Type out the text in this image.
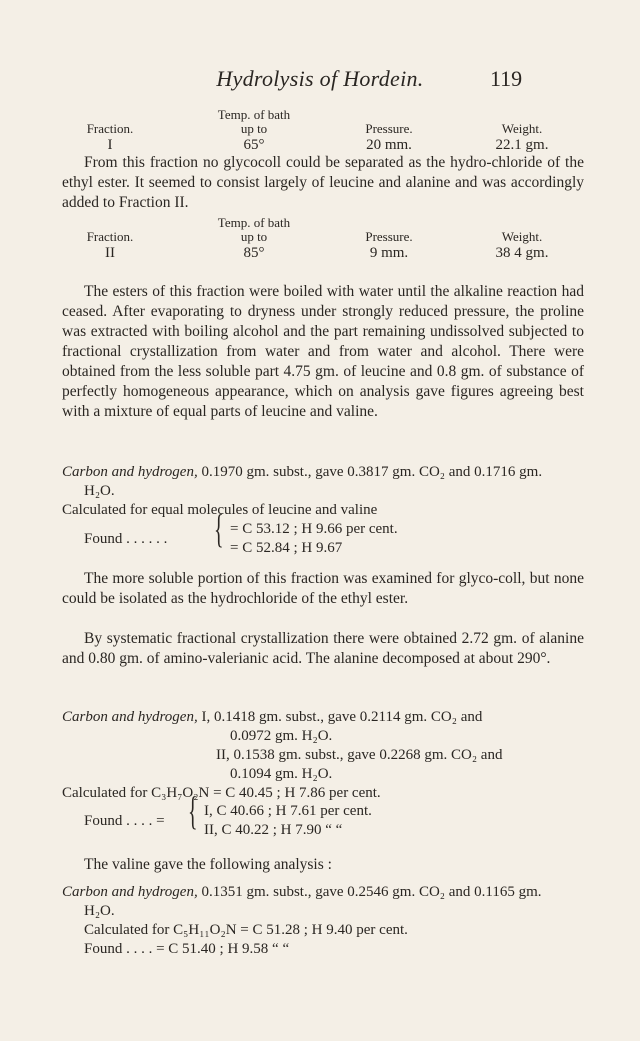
Hydrolysis of Hordein.	119
Temp. of bath
Fraction.
I
up to
65°
Pressure.
20 mm.
Weight.
22.1 gm.

From this fraction no glycocoll could be separated as the hydro-chloride of the ethyl ester. It seemed to consist largely of leucine and alanine and was accordingly added to Fraction II.

Temp. of bath
Fraction.
II
up to
85°
Pressure.
9 mm.
Weight.
38 4 gm.

The esters of this fraction were boiled with water until the alkaline reaction had ceased. After evaporating to dryness under strongly reduced pressure, the proline was extracted with boiling alcohol and the part remaining undissolved subjected to fractional crystallization from water and from water and alcohol. There were obtained from the less soluble part 4.75 gm. of leucine and 0.8 gm. of substance of perfectly homogeneous appearance, which on analysis gave figures agreeing best with a mixture of equal parts of leucine and valine.

Carbon and hydrogen, 0.1970 gm. subst., gave 0.3817 gm. CO₂ and 0.1716 gm.
H₂O.
Calculated for equal molecules of leucine and valine
Found . . . . . . { = C 53.12 ; H 9.66 per cent.
= C 52.84 ; H 9.67

The more soluble portion of this fraction was examined for glyco-coll, but none could be isolated as the hydrochloride of the ethyl ester.

By systematic fractional crystallization there were obtained 2.72 gm. of alanine and 0.80 gm. of amino-valerianic acid. The alanine decomposed at about 290°.

Carbon and hydrogen, I, 0.1418 gm. subst., gave 0.2114 gm. CO₂ and
0.0972 gm. H₂O.
II, 0.1538 gm. subst., gave 0.2268 gm. CO₂ and
0.1094 gm. H₂O.
Calculated for C₃H₇O₂N = C 40.45 ; H 7.86 per cent.
Found . . . . = { I, C 40.66 ; H 7.61 per cent.
II, C 40.22 ; H 7.90 “ “

The valine gave the following analysis :

Carbon and hydrogen, 0.1351 gm. subst., gave 0.2546 gm. CO₂ and 0.1165 gm.
H₂O.
Calculated for C₅H₁₁O₂N = C 51.28 ; H 9.40 per cent.
Found . . . . = C 51.40 ; H 9.58 “ “
